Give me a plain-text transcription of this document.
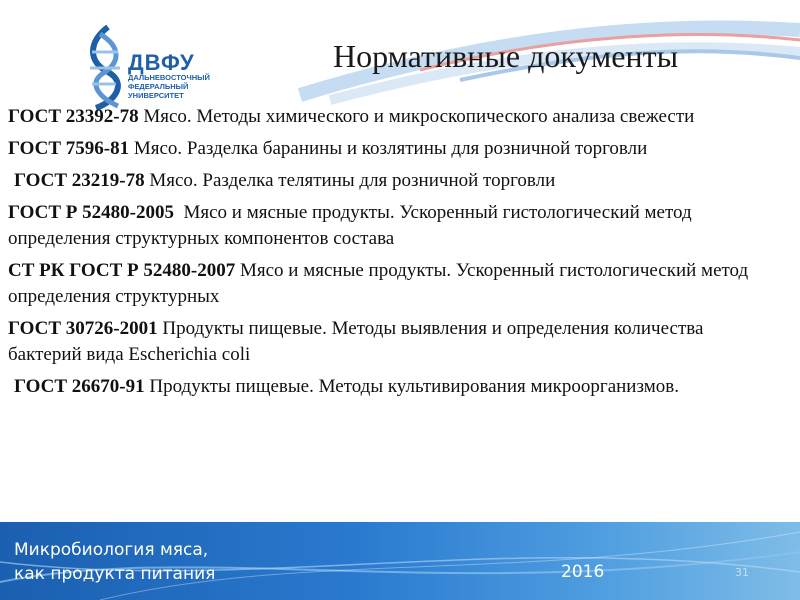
ДВФУ
ДАЛЬНЕВОСТОЧНЫЙ
ФЕДЕРАЛЬНЫЙ
УНИВЕРСИТЕТ
Нормативные документы
ГОСТ 23392-78 Мясо. Методы химического и микроскопического анализа свежести
ГОСТ 7596-81 Мясо. Разделка баранины и козлятины для розничной торговли
ГОСТ 23219-78 Мясо. Разделка телятины для розничной торговли
ГОСТ Р 52480-2005  Мясо и мясные продукты. Ускоренный гистологический метод определения структурных компонентов состава
СТ РК ГОСТ Р 52480-2007 Мясо и мясные продукты. Ускоренный гистологический метод определения структурных
ГОСТ 30726-2001 Продукты пищевые. Методы выявления и определения количества бактерий вида Escherichia coli
ГОСТ 26670-91 Продукты пищевые. Методы культивирования микроорганизмов.
Микробиология мяса,
как продукта питания	2016	31
